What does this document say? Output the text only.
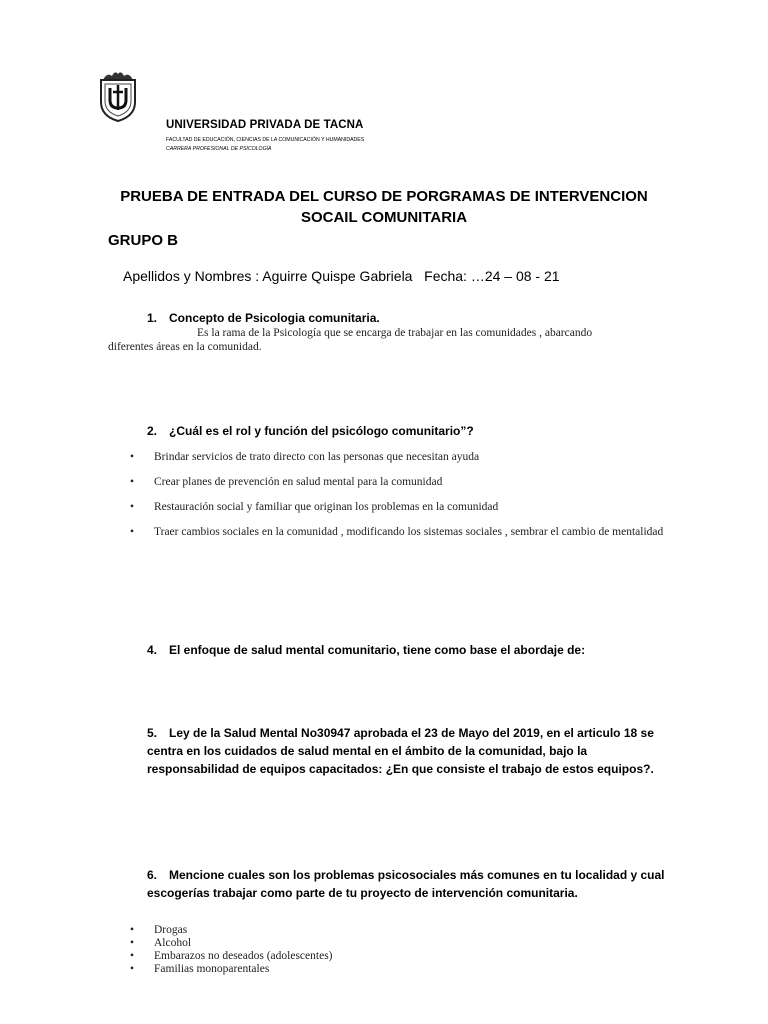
UNIVERSIDAD PRIVADA DE TACNA
FACULTAD DE EDUCACIÓN, CIENCIAS DE LA COMUNICACIÓN Y HUMANIDADES
CARRERA PROFESIONAL DE PSICOLOGÍA
PRUEBA DE ENTRADA DEL CURSO DE PORGRAMAS DE INTERVENCION
SOCAIL COMUNITARIA
GRUPO B
Apellidos y Nombres : Aguirre Quispe Gabriela   Fecha: …24 – 08 - 21
1. Concepto de Psicologia comunitaria.
Es la rama de la Psicología que se encarga de trabajar en las comunidades , abarcando
diferentes áreas en la comunidad.
2. ¿Cuál es el rol y función del psicólogo comunitario”?
• Brindar servicios de trato directo con las personas que necesitan ayuda
• Crear planes de prevención en salud mental para la comunidad
• Restauración social y familiar que originan los problemas en la comunidad
• Traer cambios sociales en la comunidad , modificando los sistemas sociales , sembrar el cambio de mentalidad
4. El enfoque de salud mental comunitario, tiene como base el abordaje de:
5. Ley de la Salud Mental No30947 aprobada el 23 de Mayo del 2019, en el articulo 18 se centra en los cuidados de salud mental en el ámbito de la comunidad, bajo la responsabilidad de equipos capacitados: ¿En que consiste el trabajo de estos equipos?.
6. Mencione cuales son los problemas psicosociales más comunes en tu localidad y cual escogerías trabajar como parte de tu proyecto de intervención comunitaria.
• Drogas
• Alcohol
• Embarazos no deseados (adolescentes)
• Familias monoparentales
